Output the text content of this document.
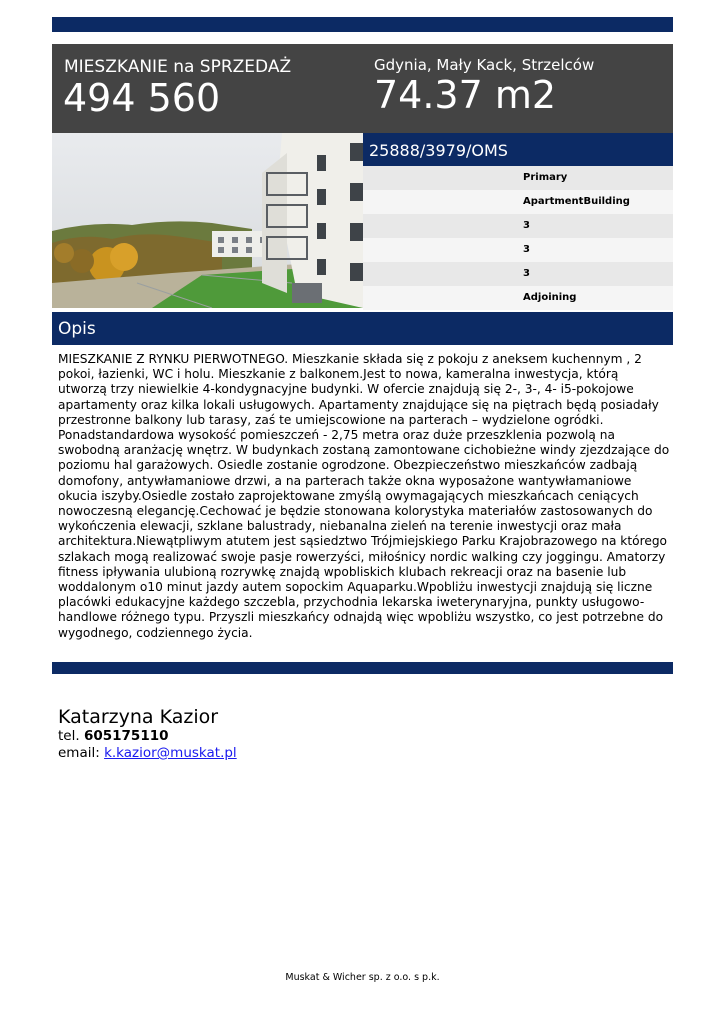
MIESZKANIE na SPRZEDAŻ
494 560
Gdynia, Mały Kack, Strzelców
74.37 m2
25888/3979/OMS
Primary
ApartmentBuilding
3
3
3
Adjoining
Opis

MIESZKANIE Z RYNKU PIERWOTNEGO. Mieszkanie składa się z pokoju z aneksem kuchennym , 2 pokoi, łazienki, WC i holu. Mieszkanie z balkonem.Jest to nowa, kameralna inwestycja, którą utworzą trzy niewielkie 4-kondygnacyjne budynki. W ofercie znajdują się 2-, 3-, 4- i5-pokojowe apartamenty oraz kilka lokali usługowych. Apartamenty znajdujące się na piętrach będą posiadały przestronne balkony lub tarasy, zaś te umiejscowione na parterach – wydzielone ogródki. Ponadstandardowa wysokość pomieszczeń - 2,75 metra oraz duże przeszklenia pozwolą na swobodną aranżację wnętrz. W budynkach zostaną zamontowane cichobieżne windy zjezdzające do poziomu hal garażowych. Osiedle zostanie ogrodzone. Obezpieczeństwo mieszkańców zadbają domofony, antywłamaniowe drzwi, a na parterach także okna wyposażone wantywłamaniowe okucia iszyby.Osiedle zostało zaprojektowane zmyślą owymagających mieszkańcach ceniących nowoczesną elegancję.Cechować je będzie stonowana kolorystyka materiałów zastosowanych do wykończenia elewacji, szklane balustrady, niebanalna zieleń na terenie inwestycji oraz mała architektura.Niewątpliwym atutem jest sąsiedztwo Trójmiejskiego Parku Krajobrazowego na którego szlakach mogą realizować swoje pasje rowerzyści, miłośnicy nordic walking czy joggingu. Amatorzy fitness ipływania ulubioną rozrywkę znajdą wpobliskich klubach rekreacji oraz na basenie lub woddalonym o10 minut jazdy autem sopockim Aquaparku.Wpobliżu inwestycji znajdują się liczne placówki edukacyjne każdego szczebla, przychodnia lekarska iweterynaryjna, punkty usługowo-handlowe różnego typu. Przyszli mieszkańcy odnajdą więc wpobliżu wszystko, co jest potrzebne do wygodnego, codziennego życia.

Katarzyna Kazior
tel. 605175110
email: k.kazior@muskat.pl
Muskat & Wicher sp. z o.o. s p.k.
